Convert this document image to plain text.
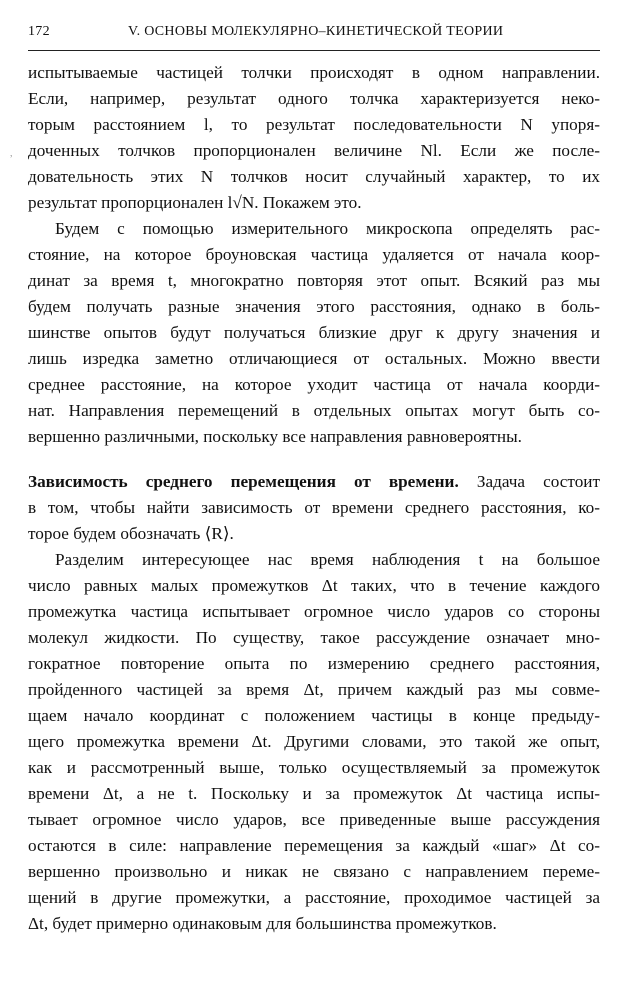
172	V. ОСНОВЫ МОЛЕКУЛЯРНО–КИНЕТИЧЕСКОЙ ТЕОРИИ
,
испытываемые частицей толчки происходят в одном направлении.
Если, например, результат одного толчка характеризуется неко-
торым расстоянием l, то результат последовательности N упоря-
доченных толчков пропорционален величине Nl. Если же после-
довательность этих N толчков носит случайный характер, то их
результат пропорционален l√N. Покажем это.
Будем с помощью измерительного микроскопа определять рас-
стояние, на которое броуновская частица удаляется от начала коор-
динат за время t, многократно повторяя этот опыт. Всякий раз мы
будем получать разные значения этого расстояния, однако в боль-
шинстве опытов будут получаться близкие друг к другу значения и
лишь изредка заметно отличающиеся от остальных. Можно ввести
среднее расстояние, на которое уходит частица от начала коорди-
нат. Направления перемещений в отдельных опытах могут быть со-
вершенно различными, поскольку все направления равновероятны.
Зависимость среднего перемещения от времени. Задача состоит
в том, чтобы найти зависимость от времени среднего расстояния, ко-
торое будем обозначать ⟨R⟩.
Разделим интересующее нас время наблюдения t на большое
число равных малых промежутков Δt таких, что в течение каждого
промежутка частица испытывает огромное число ударов со стороны
молекул жидкости. По существу, такое рассуждение означает мно-
гократное повторение опыта по измерению среднего расстояния,
пройденного частицей за время Δt, причем каждый раз мы совме-
щаем начало координат с положением частицы в конце предыду-
щего промежутка времени Δt. Другими словами, это такой же опыт,
как и рассмотренный выше, только осуществляемый за промежуток
времени Δt, а не t. Поскольку и за промежуток Δt частица испы-
тывает огромное число ударов, все приведенные выше рассуждения
остаются в силе: направление перемещения за каждый «шаг» Δt со-
вершенно произвольно и никак не связано с направлением переме-
щений в другие промежутки, а расстояние, проходимое частицей за
Δt, будет примерно одинаковым для большинства промежутков.
